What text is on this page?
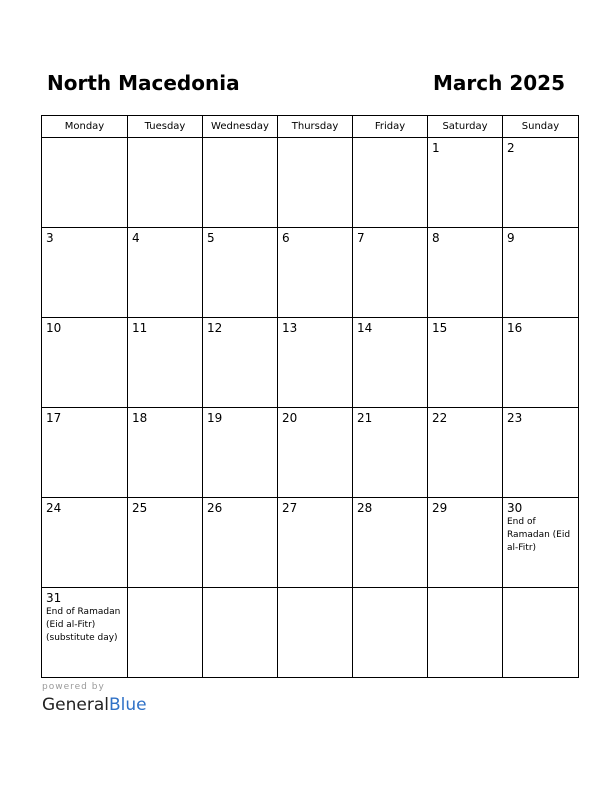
North Macedonia	March 2025
Monday	Tuesday	Wednesday	Thursday	Friday	Saturday	Sunday

					1	2

3	4	5	6	7	8	9

10	11	12	13	14	15	16

17	18	19	20	21	22	23

24	25	26	27	28	29	30
End of Ramadan (Eid al-Fitr)

31
End of Ramadan (Eid al-Fitr) (substitute day)						

powered by
GeneralBlue
